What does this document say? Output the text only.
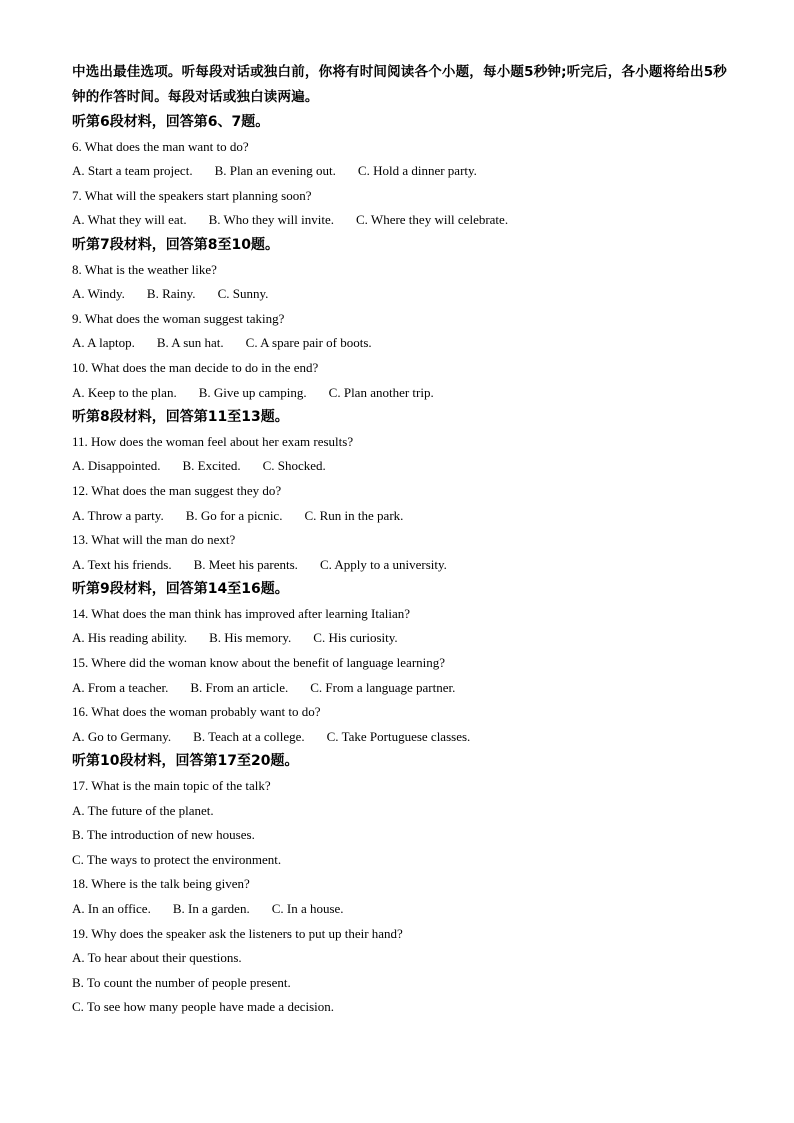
中选出最佳选项。听每段对话或独白前，你将有时间阅读各个小题，每小题5秒钟;听完后，各小题将给出5秒钟的作答时间。每段对话或独白读两遍。

听第6段材料，回答第6、7题。
6. What does the man want to do?
A. Start a team project. B. Plan an evening out. C. Hold a dinner party.
7. What will the speakers start planning soon?
A. What they will eat. B. Who they will invite. C. Where they will celebrate.
听第7段材料，回答第8至10题。
8. What is the weather like?
A. Windy. B. Rainy. C. Sunny.
9. What does the woman suggest taking?
A. A laptop. B. A sun hat. C. A spare pair of boots.
10. What does the man decide to do in the end?
A. Keep to the plan. B. Give up camping. C. Plan another trip.
听第8段材料，回答第11至13题。
11. How does the woman feel about her exam results?
A. Disappointed. B. Excited. C. Shocked.
12. What does the man suggest they do?
A. Throw a party. B. Go for a picnic. C. Run in the park.
13. What will the man do next?
A. Text his friends. B. Meet his parents. C. Apply to a university.
听第9段材料，回答第14至16题。
14. What does the man think has improved after learning Italian?
A. His reading ability. B. His memory. C. His curiosity.
15. Where did the woman know about the benefit of language learning?
A. From a teacher. B. From an article. C. From a language partner.
16. What does the woman probably want to do?
A. Go to Germany. B. Teach at a college. C. Take Portuguese classes.
听第10段材料，回答第17至20题。
17. What is the main topic of the talk?
A. The future of the planet.
B. The introduction of new houses.
C. The ways to protect the environment.
18. Where is the talk being given?
A. In an office. B. In a garden. C. In a house.
19. Why does the speaker ask the listeners to put up their hand?
A. To hear about their questions.
B. To count the number of people present.
C. To see how many people have made a decision.
